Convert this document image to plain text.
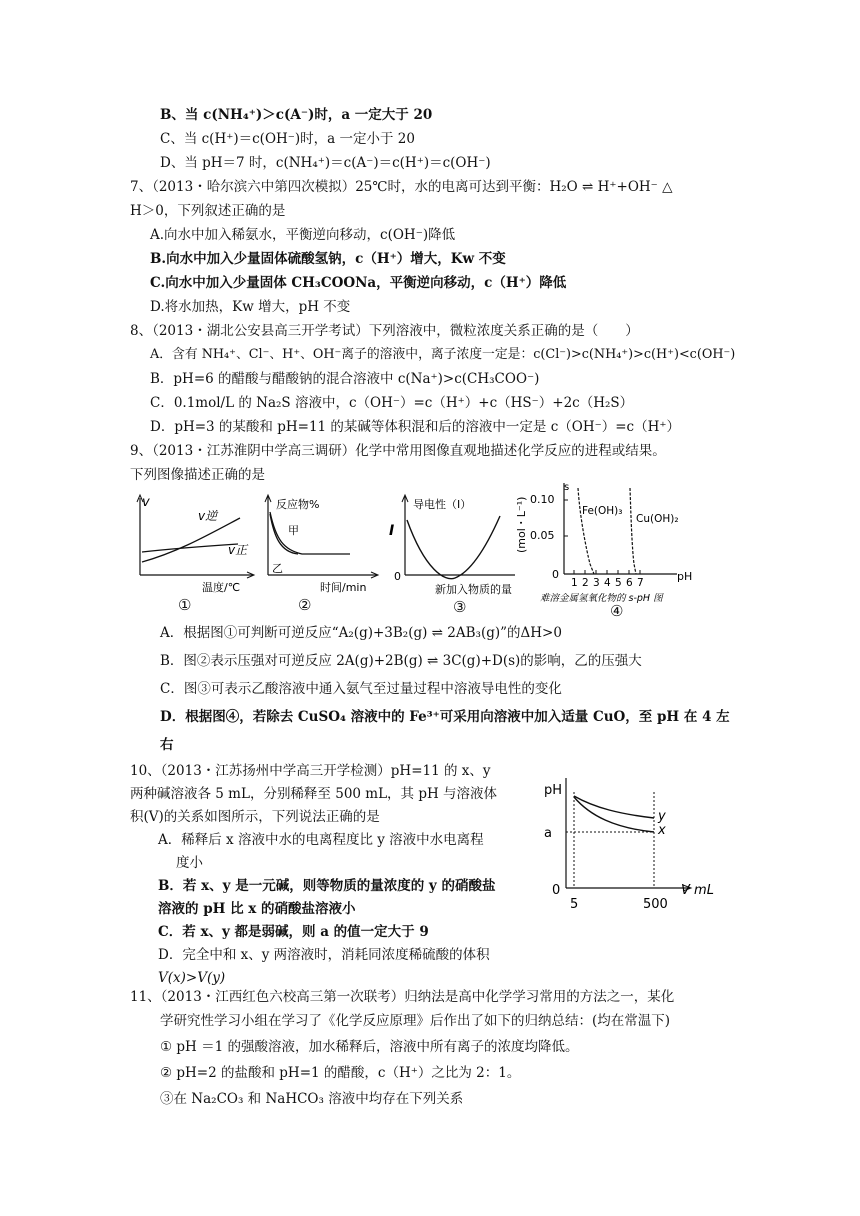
B、当 c(NH₄⁺)＞c(A⁻)时，a 一定大于 20
C、当 c(H⁺)＝c(OH⁻)时，a 一定小于 20
D、当 pH＝7 时，c(NH₄⁺)＝c(A⁻)＝c(H⁺)＝c(OH⁻)
7、（2013・哈尔滨六中第四次模拟）25℃时，水的电离可达到平衡：H₂O ⇌ H⁺+OH⁻ △
H＞0，下列叙述正确的是
A.向水中加入稀氨水，平衡逆向移动，c(OH⁻)降低
B.向水中加入少量固体硫酸氢钠，c（H⁺）增大，Kw 不变
C.向水中加入少量固体 CH₃COONa，平衡逆向移动，c（H⁺）降低
D.将水加热，Kw 增大，pH 不变
8、（2013・湖北公安县高三开学考试）下列溶液中，微粒浓度关系正确的是（　　）
A．含有 NH₄⁺、Cl⁻、H⁺、OH⁻离子的溶液中，离子浓度一定是：c(Cl⁻)>c(NH₄⁺)>c(H⁺)<c(OH⁻)
B．pH=6 的醋酸与醋酸钠的混合溶液中 c(Na⁺)>c(CH₃COO⁻)
C．0.1mol/L 的 Na₂S 溶液中，c（OH⁻）=c（H⁺）+c（HS⁻）+2c（H₂S）
D．pH=3 的某酸和 pH=11 的某碱等体积混和后的溶液中一定是 c（OH⁻）=c（H⁺）
9、（2013・江苏淮阴中学高三调研）化学中常用图像直观地描述化学反应的进程或结果。
下列图像描述正确的是
v
v逆
v正
温度/℃
①
反应物%
甲
乙
时间/min
②
导电性（I）
I
0
新加入物质的量
③
s
0.10
0.05
0
(mol・L⁻¹)	Fe(OH)₃
Cu(OH)₂
1 2 3 4 5 6 7	pH
难溶金属氢氧化物的 s-pH 图
④
A．根据图①可判断可逆反应“A₂(g)+3B₂(g) ⇌ 2AB₃(g)”的ΔH>0
B．图②表示压强对可逆反应 2A(g)+2B(g) ⇌ 3C(g)+D(s)的影响，乙的压强大
C．图③可表示乙酸溶液中通入氨气至过量过程中溶液导电性的变化
D．根据图④，若除去 CuSO₄ 溶液中的 Fe³⁺可采用向溶液中加入适量 CuO，至 pH 在 4 左
右
10、（2013・江苏扬州中学高三开学检测）pH=11 的 x、y
两种碱溶液各 5 mL，分别稀释至 500 mL，其 pH 与溶液体
积(V)的关系如图所示，下列说法正确的是
A．稀释后 x 溶液中水的电离程度比 y 溶液中水电离程
度小
B．若 x、y 是一元碱，则等物质的量浓度的 y 的硝酸盐
溶液的 pH 比 x 的硝酸盐溶液小
C．若 x、y 都是弱碱，则 a 的值一定大于 9
D．完全中和 x、y 两溶液时，消耗同浓度稀硫酸的体积
V(x)>V(y)
pH
a
0
5	500
V mL
y
x
11、（2013・江西红色六校高三第一次联考）归纳法是高中化学学习常用的方法之一，某化
学研究性学习小组在学习了《化学反应原理》后作出了如下的归纳总结：(均在常温下)
① pH ＝1 的强酸溶液，加水稀释后，溶液中所有离子的浓度均降低。
② pH=2 的盐酸和 pH=1 的醋酸，c（H⁺）之比为 2：1。
③在 Na₂CO₃ 和 NaHCO₃ 溶液中均存在下列关系
